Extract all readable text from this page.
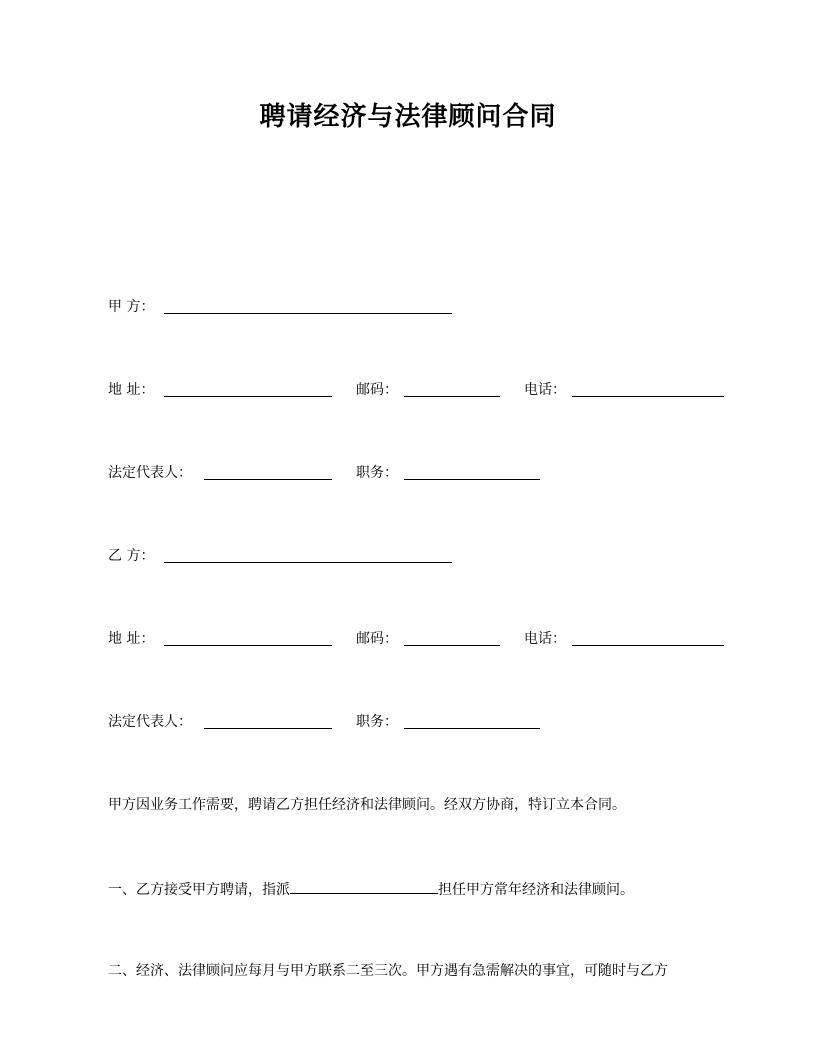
聘请经济与法律顾问合同
甲 方：
地 址：	邮码：	电话：
法定代表人：	职务：
乙 方：
地 址：	邮码：	电话：
法定代表人：	职务：
甲方因业务工作需要，聘请乙方担任经济和法律顾问。经双方协商，特订立本合同。
一、乙方接受甲方聘请，指派	担任甲方常年经济和法律顾问。
二、经济、法律顾问应每月与甲方联系二至三次。甲方遇有急需解决的事宜，可随时与乙方
